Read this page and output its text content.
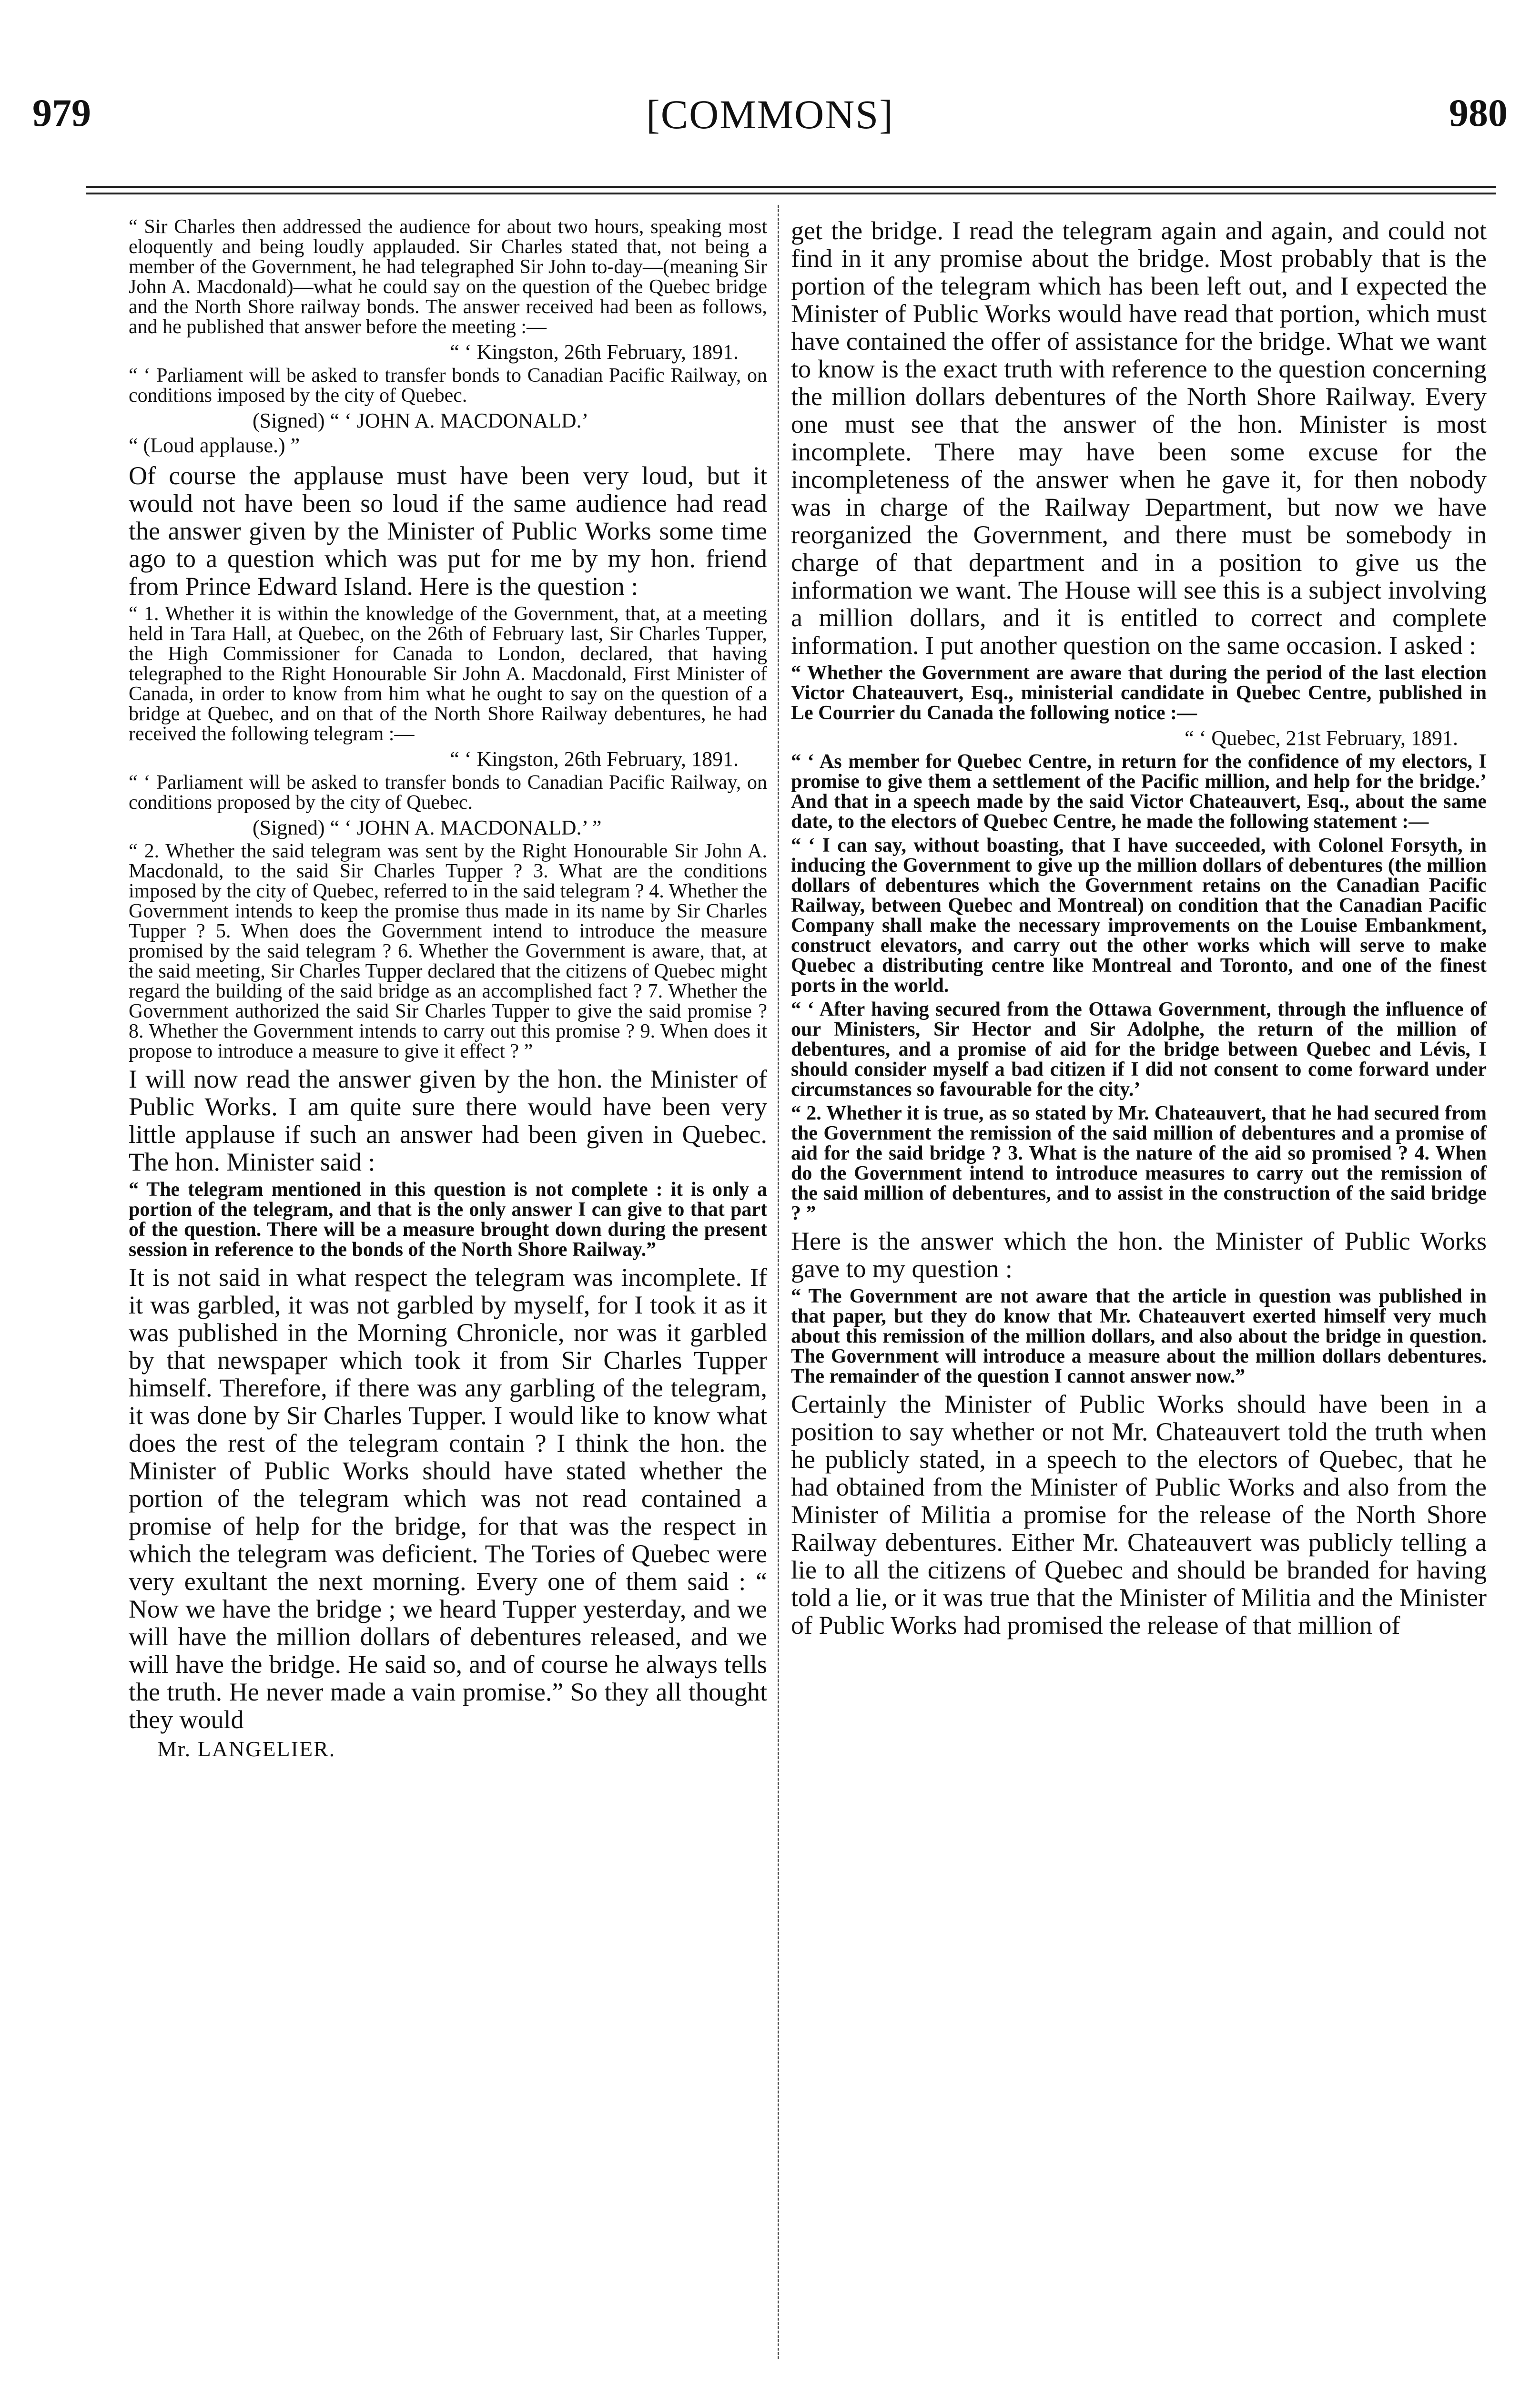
979	[COMMONS]	980

“ Sir Charles then addressed the audience for about two hours, speaking most eloquently and being loudly applauded. Sir Charles stated that, not being a member of the Government, he had telegraphed Sir John to-day—(meaning Sir John A. Macdonald)—what he could say on the question of the Quebec bridge and the North Shore railway bonds. The answer received had been as follows, and he published that answer before the meeting :—

“ ‘ Kingston, 26th February, 1891.

“ ‘ Parliament will be asked to transfer bonds to Canadian Pacific Railway, on conditions imposed by the city of Quebec.

(Signed) “ ‘ JOHN A. MACDONALD.’

“ (Loud applause.) ”

Of course the applause must have been very loud, but it would not have been so loud if the same audience had read the answer given by the Minister of Public Works some time ago to a question which was put for me by my hon. friend from Prince Edward Island. Here is the question :

“ 1. Whether it is within the knowledge of the Government, that, at a meeting held in Tara Hall, at Quebec, on the 26th of February last, Sir Charles Tupper, the High Commissioner for Canada to London, declared, that having telegraphed to the Right Honourable Sir John A. Macdonald, First Minister of Canada, in order to know from him what he ought to say on the question of a bridge at Quebec, and on that of the North Shore Railway debentures, he had received the following telegram :—

“ ‘ Kingston, 26th February, 1891.

“ ‘ Parliament will be asked to transfer bonds to Canadian Pacific Railway, on conditions proposed by the city of Quebec.

(Signed) “ ‘ JOHN A. MACDONALD.’ ”

“ 2. Whether the said telegram was sent by the Right Honourable Sir John A. Macdonald, to the said Sir Charles Tupper ? 3. What are the conditions imposed by the city of Quebec, referred to in the said telegram ? 4. Whether the Government intends to keep the promise thus made in its name by Sir Charles Tupper ? 5. When does the Government intend to introduce the measure promised by the said telegram ? 6. Whether the Government is aware, that, at the said meeting, Sir Charles Tupper declared that the citizens of Quebec might regard the building of the said bridge as an accomplished fact ? 7. Whether the Government authorized the said Sir Charles Tupper to give the said promise ? 8. Whether the Government intends to carry out this promise ? 9. When does it propose to introduce a measure to give it effect ? ”

I will now read the answer given by the hon. the Minister of Public Works. I am quite sure there would have been very little applause if such an answer had been given in Quebec. The hon. Minister said :

“ The telegram mentioned in this question is not complete : it is only a portion of the telegram, and that is the only answer I can give to that part of the question. There will be a measure brought down during the present session in reference to the bonds of the North Shore Railway.”

It is not said in what respect the telegram was incomplete. If it was garbled, it was not garbled by myself, for I took it as it was published in the Morning Chronicle, nor was it garbled by that newspaper which took it from Sir Charles Tupper himself. Therefore, if there was any garbling of the telegram, it was done by Sir Charles Tupper. I would like to know what does the rest of the telegram contain ? I think the hon. the Minister of Public Works should have stated whether the portion of the telegram which was not read contained a promise of help for the bridge, for that was the respect in which the telegram was deficient. The Tories of Quebec were very exultant the next morning. Every one of them said : “ Now we have the bridge ; we heard Tupper yesterday, and we will have the million dollars of debentures released, and we will have the bridge. He said so, and of course he always tells the truth. He never made a vain promise.” So they all thought they would

Mr. LANGELIER.

get the bridge. I read the telegram again and again, and could not find in it any promise about the bridge. Most probably that is the portion of the telegram which has been left out, and I expected the Minister of Public Works would have read that portion, which must have contained the offer of assistance for the bridge. What we want to know is the exact truth with reference to the question concerning the million dollars debentures of the North Shore Railway. Every one must see that the answer of the hon. Minister is most incomplete. There may have been some excuse for the incompleteness of the answer when he gave it, for then nobody was in charge of the Railway Department, but now we have reorganized the Government, and there must be somebody in charge of that department and in a position to give us the information we want. The House will see this is a subject involving a million dollars, and it is entitled to correct and complete information. I put another question on the same occasion. I asked :

“ Whether the Government are aware that during the period of the last election Victor Chateauvert, Esq., ministerial candidate in Quebec Centre, published in Le Courrier du Canada the following notice :—

“ ‘ Quebec, 21st February, 1891.

“ ‘ As member for Quebec Centre, in return for the confidence of my electors, I promise to give them a settlement of the Pacific million, and help for the bridge.’ And that in a speech made by the said Victor Chateauvert, Esq., about the same date, to the electors of Quebec Centre, he made the following statement :—

“ ‘ I can say, without boasting, that I have succeeded, with Colonel Forsyth, in inducing the Government to give up the million dollars of debentures (the million dollars of debentures which the Government retains on the Canadian Pacific Railway, between Quebec and Montreal) on condition that the Canadian Pacific Company shall make the necessary improvements on the Louise Embankment, construct elevators, and carry out the other works which will serve to make Quebec a distributing centre like Montreal and Toronto, and one of the finest ports in the world.

“ ‘ After having secured from the Ottawa Government, through the influence of our Ministers, Sir Hector and Sir Adolphe, the return of the million of debentures, and a promise of aid for the bridge between Quebec and Lévis, I should consider myself a bad citizen if I did not consent to come forward under circumstances so favourable for the city.’

“ 2. Whether it is true, as so stated by Mr. Chateauvert, that he had secured from the Government the remission of the said million of debentures and a promise of aid for the said bridge ? 3. What is the nature of the aid so promised ? 4. When do the Government intend to introduce measures to carry out the remission of the said million of debentures, and to assist in the construction of the said bridge ? ”

Here is the answer which the hon. the Minister of Public Works gave to my question :

“ The Government are not aware that the article in question was published in that paper, but they do know that Mr. Chateauvert exerted himself very much about this remission of the million dollars, and also about the bridge in question. The Government will introduce a measure about the million dollars debentures. The remainder of the question I cannot answer now.”

Certainly the Minister of Public Works should have been in a position to say whether or not Mr. Chateauvert told the truth when he publicly stated, in a speech to the electors of Quebec, that he had obtained from the Minister of Public Works and also from the Minister of Militia a promise for the release of the North Shore Railway debentures. Either Mr. Chateauvert was publicly telling a lie to all the citizens of Quebec and should be branded for having told a lie, or it was true that the Minister of Militia and the Minister of Public Works had promised the release of that million of
